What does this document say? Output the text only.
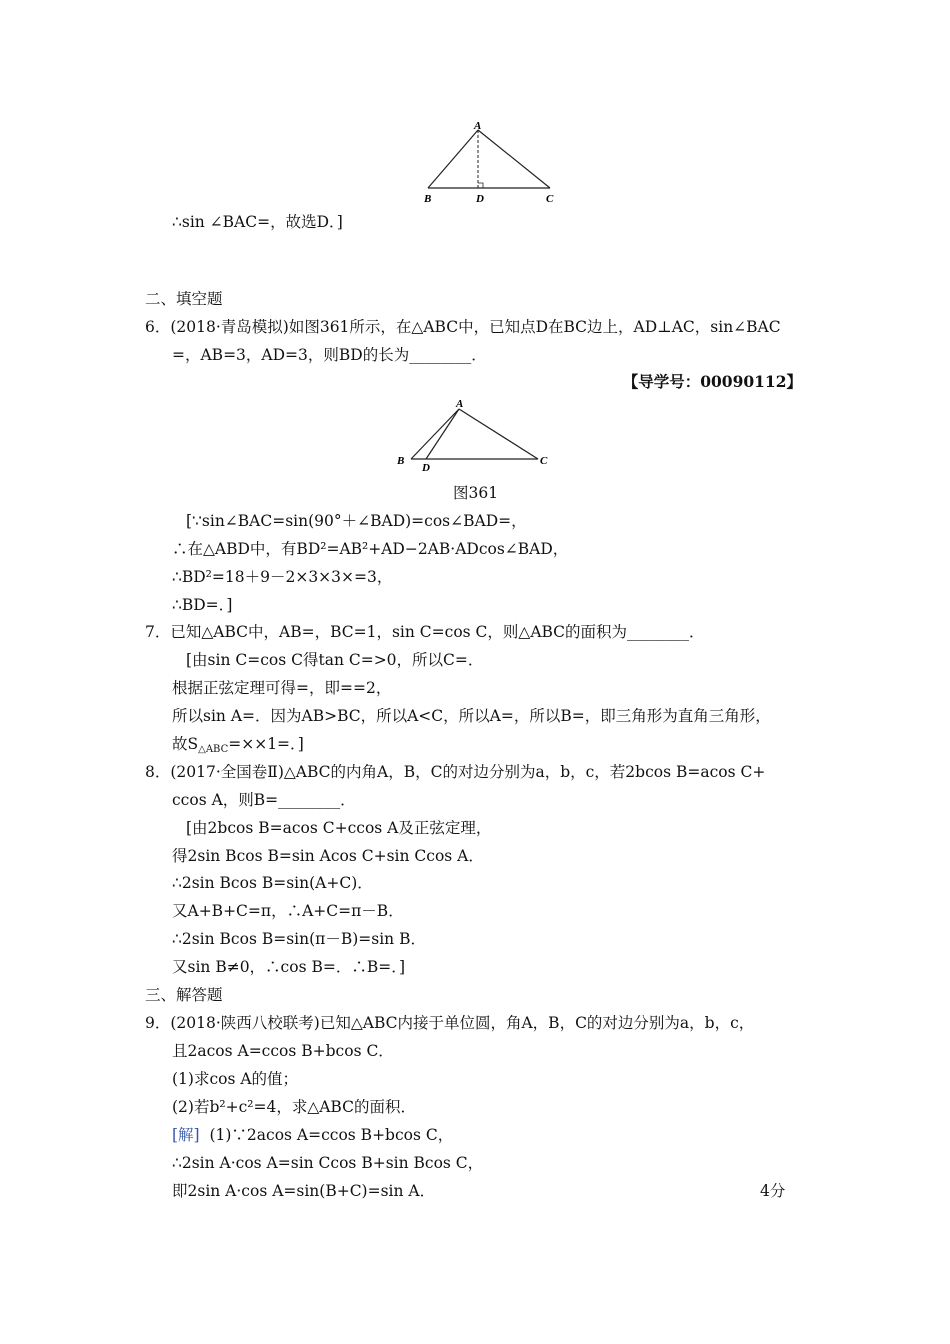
A
B	D	C
∴sin ∠BAC=，故选D．]
二、填空题
6．(2018·青岛模拟)如图361所示，在△ABC中，已知点D在BC边上，AD⊥AC，sin∠BAC
=，AB=3，AD=3，则BD的长为________．
【导学号：00090112】
A
B
D
C
图361
[∵sin∠BAC=sin(90°＋∠BAD)=cos∠BAD=，
∴在△ABD中，有BD²=AB²+AD−2AB·ADcos∠BAD，
∴BD²=18＋9－2×3×3×=3，
∴BD=．]
7．已知△ABC中，AB=，BC=1，sin C=cos C，则△ABC的面积为________．
[由sin C=cos C得tan C=>0，所以C=．
根据正弦定理可得=，即==2，
所以sin A=．因为AB>BC，所以A<C，所以A=，所以B=，即三角形为直角三角形，
故$S_{\triangle ABC}=\times\times 1=$．]
8．(2017·全国卷Ⅱ)△ABC的内角A，B，C的对边分别为a，b，c，若2bcos B=acos C+
ccos A，则B=________．
[由2bcos B=acos C+ccos A及正弦定理，
得2sin Bcos B=sin Acos C+sin Ccos A．
∴2sin Bcos B=sin(A+C)．
又A+B+C=π，∴A+C=π－B．
∴2sin Bcos B=sin(π－B)=sin B．
又sin B≠0，∴cos B=．∴B=．]
三、解答题
9．(2018·陕西八校联考)已知△ABC内接于单位圆，角A，B，C的对边分别为a，b，c，
且2acos A=ccos B+bcos C．
(1)求cos A的值；
(2)若b²+c²=4，求△ABC的面积．
[解] (1)∵2acos A=ccos B+bcos C，
∴2sin A·cos A=sin Ccos B+sin Bcos C，
即2sin A·cos A=sin(B+C)=sin A．	4分
